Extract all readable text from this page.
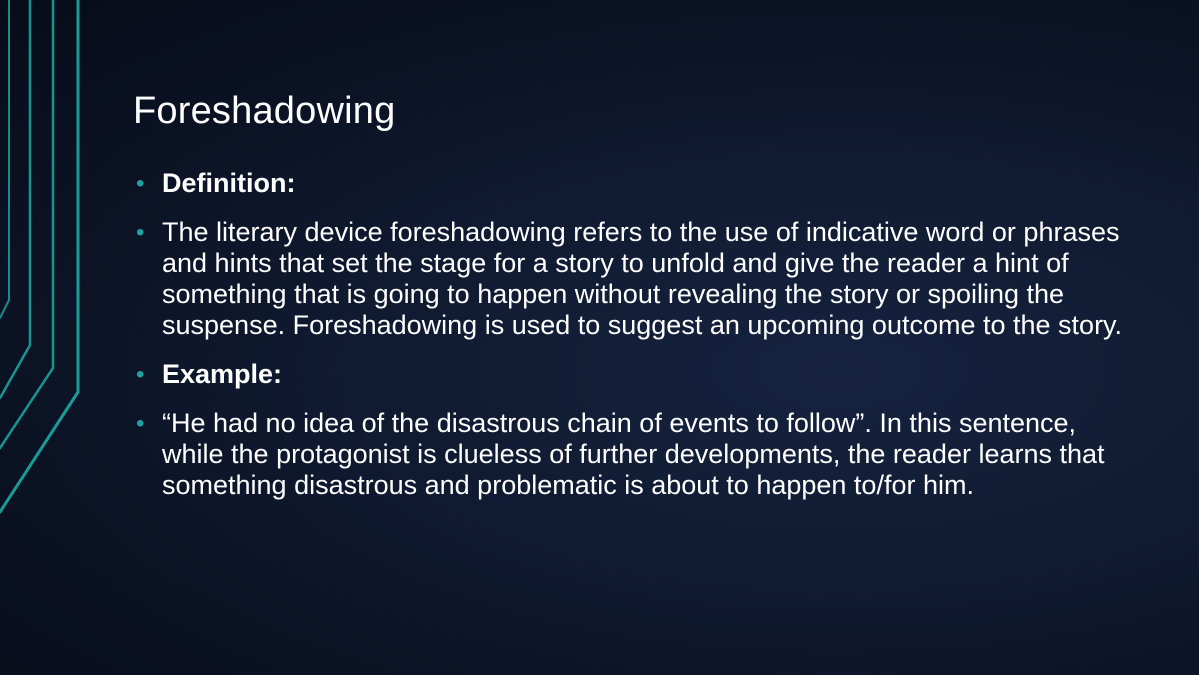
Foreshadowing
• Definition:
• The literary device foreshadowing refers to the use of indicative word or phrases and hints that set the stage for a story to unfold and give the reader a hint of something that is going to happen without revealing the story or spoiling the suspense. Foreshadowing is used to suggest an upcoming outcome to the story.
• Example:
• “He had no idea of the disastrous chain of events to follow”. In this sentence, while the protagonist is clueless of further developments, the reader learns that something disastrous and problematic is about to happen to/for him.
